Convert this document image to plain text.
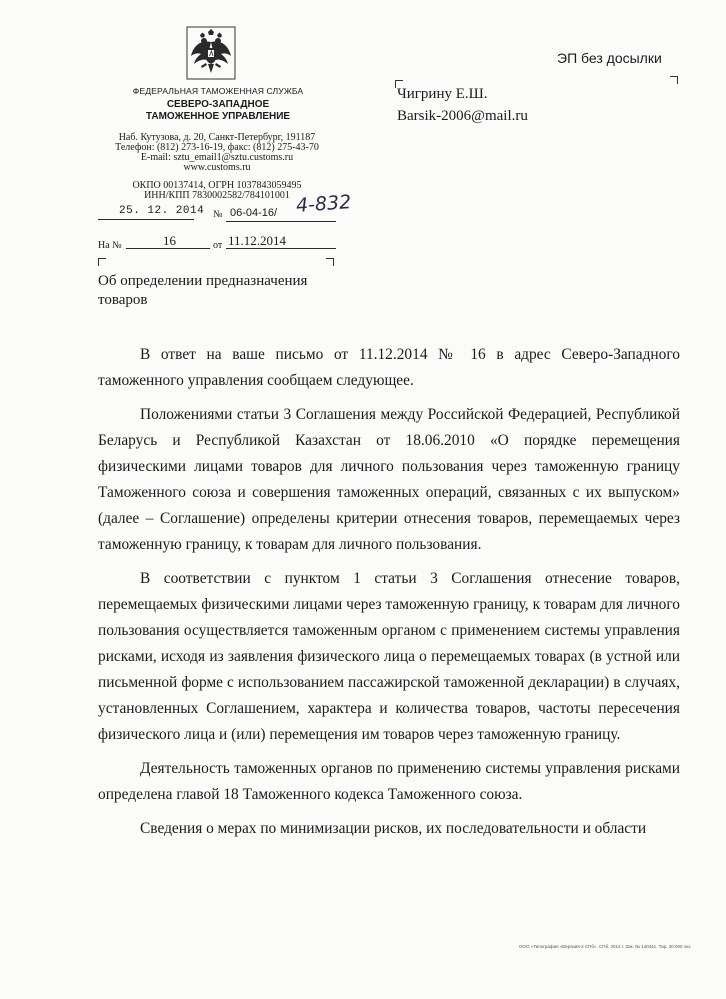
ФЕДЕРАЛЬНАЯ ТАМОЖЕННАЯ СЛУЖБА
СЕВЕРО-ЗАПАДНОЕ
ТАМОЖЕННОЕ УПРАВЛЕНИЕ
Наб. Кутузова, д. 20, Санкт-Петербург, 191187
Телефон: (812) 273-16-19, факс: (812) 275-43-70
E-mail: sztu_email1@sztu.customs.ru
www.customs.ru
ОКПО 00137414, ОГРН 1037843059495
ИНН/КПП 7830002582/784101001
25. 12. 2014 № 06-04-16/ 4-832
На №	16	от 11.12.2014
ЭП без досылки
Чигрину Е.Ш.
Barsik-2006@mail.ru
Об определении предназначения товаров

В ответ на ваше письмо от 11.12.2014 № 16 в адрес Северо-Западного таможенного управления сообщаем следующее.

Положениями статьи 3 Соглашения между Российской Федерацией, Республикой Беларусь и Республикой Казахстан от 18.06.2010 «О порядке перемещения физическими лицами товаров для личного пользования через таможенную границу Таможенного союза и совершения таможенных операций, связанных с их выпуском» (далее – Соглашение) определены критерии отнесения товаров, перемещаемых через таможенную границу, к товарам для личного пользования.

В соответствии с пунктом 1 статьи 3 Соглашения отнесение товаров, перемещаемых физическими лицами через таможенную границу, к товарам для личного пользования осуществляется таможенным органом с применением системы управления рисками, исходя из заявления физического лица о перемещаемых товарах (в устной или письменной форме с использованием пассажирской таможенной декларации) в случаях, установленных Соглашением, характера и количества товаров, частоты пересечения физического лица и (или) перемещения им товаров через таможенную границу.

Деятельность таможенных органов по применению системы управления рисками определена главой 18 Таможенного кодекса Таможенного союза.

Сведения о мерах по минимизации рисков, их последовательности и области

ООО «Типография «Евразия-2 СПб». СПб. 2014 г. Зак. № 140441. Тир. 30 000 экз.
